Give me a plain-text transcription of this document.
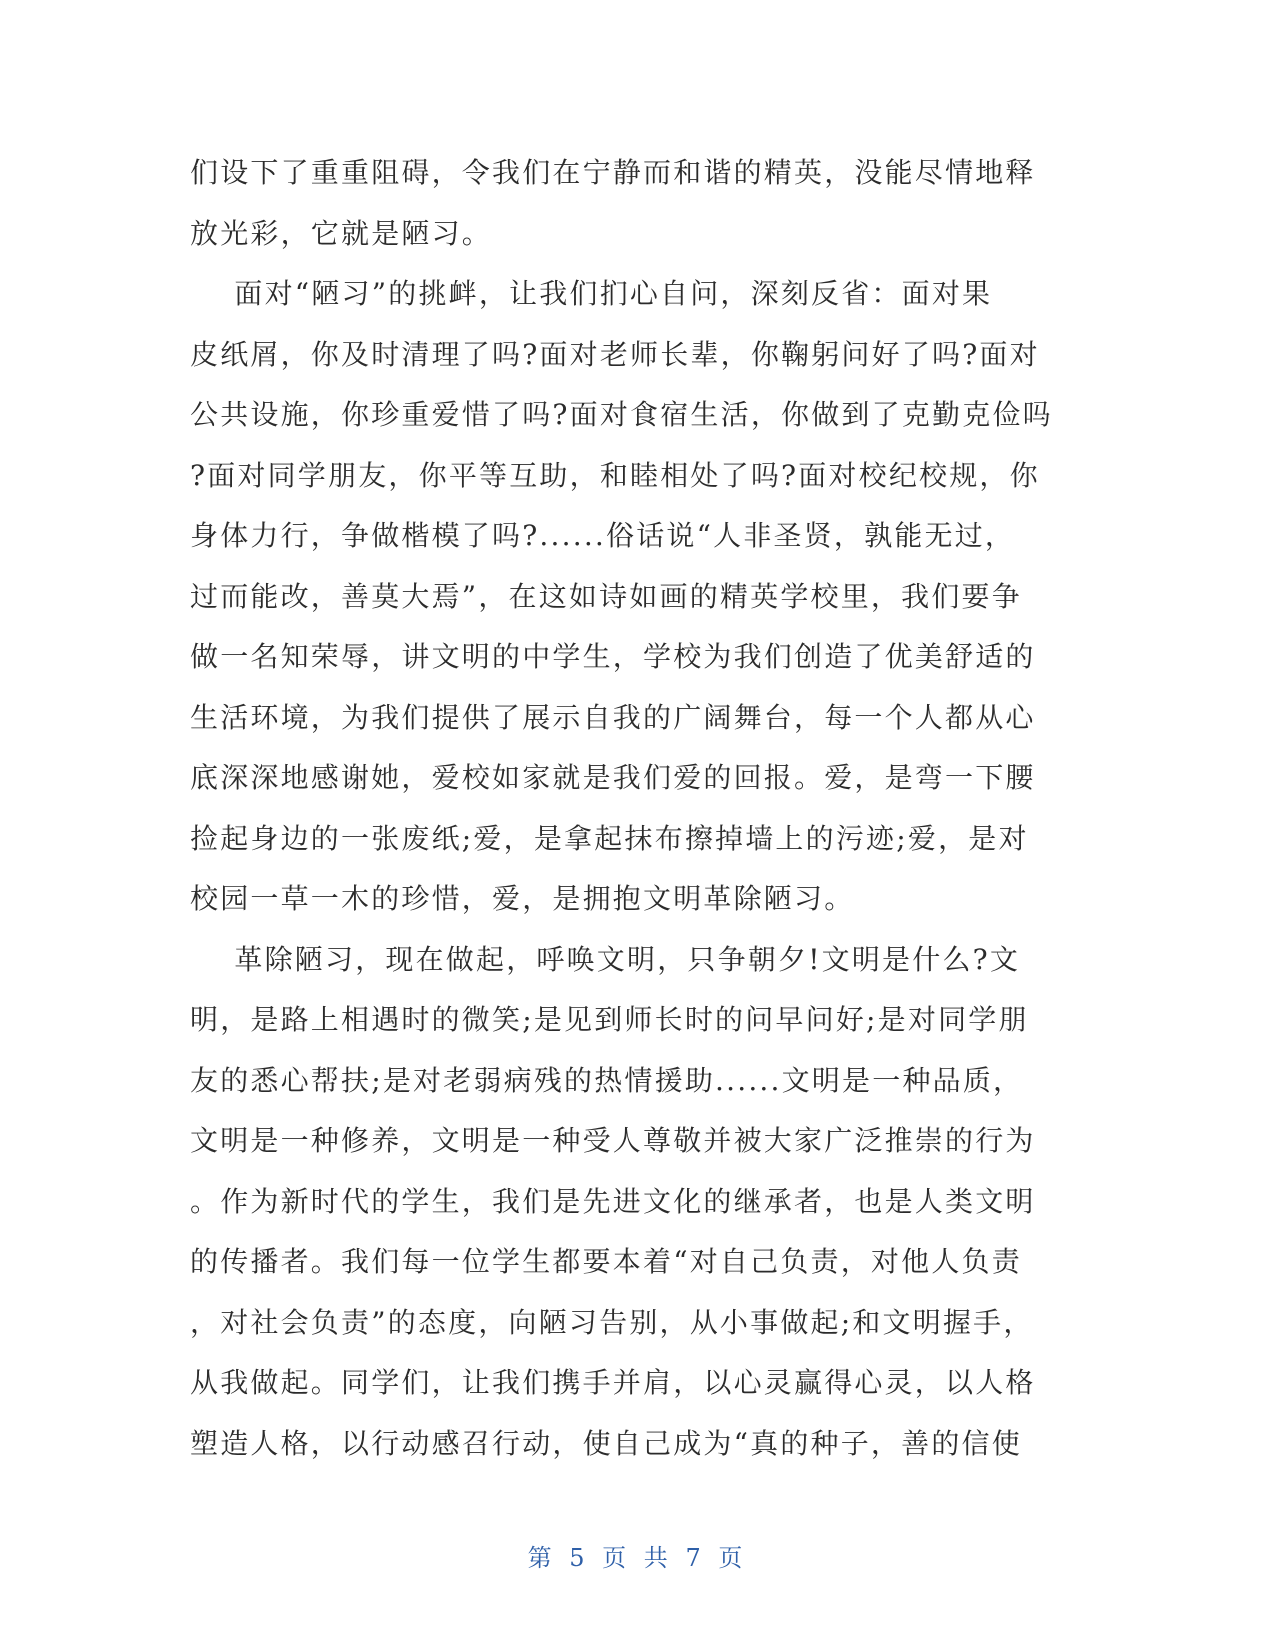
们设下了重重阻碍，令我们在宁静而和谐的精英，没能尽情地释
放光彩，它就是陋习。
面对“陋习”的挑衅，让我们扪心自问，深刻反省：面对果
皮纸屑，你及时清理了吗?面对老师长辈，你鞠躬问好了吗?面对
公共设施，你珍重爱惜了吗?面对食宿生活，你做到了克勤克俭吗
?面对同学朋友，你平等互助，和睦相处了吗?面对校纪校规，你
身体力行，争做楷模了吗?......俗话说“人非圣贤，孰能无过，
过而能改，善莫大焉”，在这如诗如画的精英学校里，我们要争
做一名知荣辱，讲文明的中学生，学校为我们创造了优美舒适的
生活环境，为我们提供了展示自我的广阔舞台，每一个人都从心
底深深地感谢她，爱校如家就是我们爱的回报。爱，是弯一下腰
捡起身边的一张废纸;爱，是拿起抹布擦掉墙上的污迹;爱，是对
校园一草一木的珍惜，爱，是拥抱文明革除陋习。
革除陋习，现在做起，呼唤文明，只争朝夕!文明是什么?文
明，是路上相遇时的微笑;是见到师长时的问早问好;是对同学朋
友的悉心帮扶;是对老弱病残的热情援助......文明是一种品质，
文明是一种修养，文明是一种受人尊敬并被大家广泛推崇的行为
。作为新时代的学生，我们是先进文化的继承者，也是人类文明
的传播者。我们每一位学生都要本着“对自己负责，对他人负责
，对社会负责”的态度，向陋习告别，从小事做起;和文明握手，
从我做起。同学们，让我们携手并肩，以心灵赢得心灵，以人格
塑造人格，以行动感召行动，使自己成为“真的种子，善的信使
第 5 页 共 7 页
